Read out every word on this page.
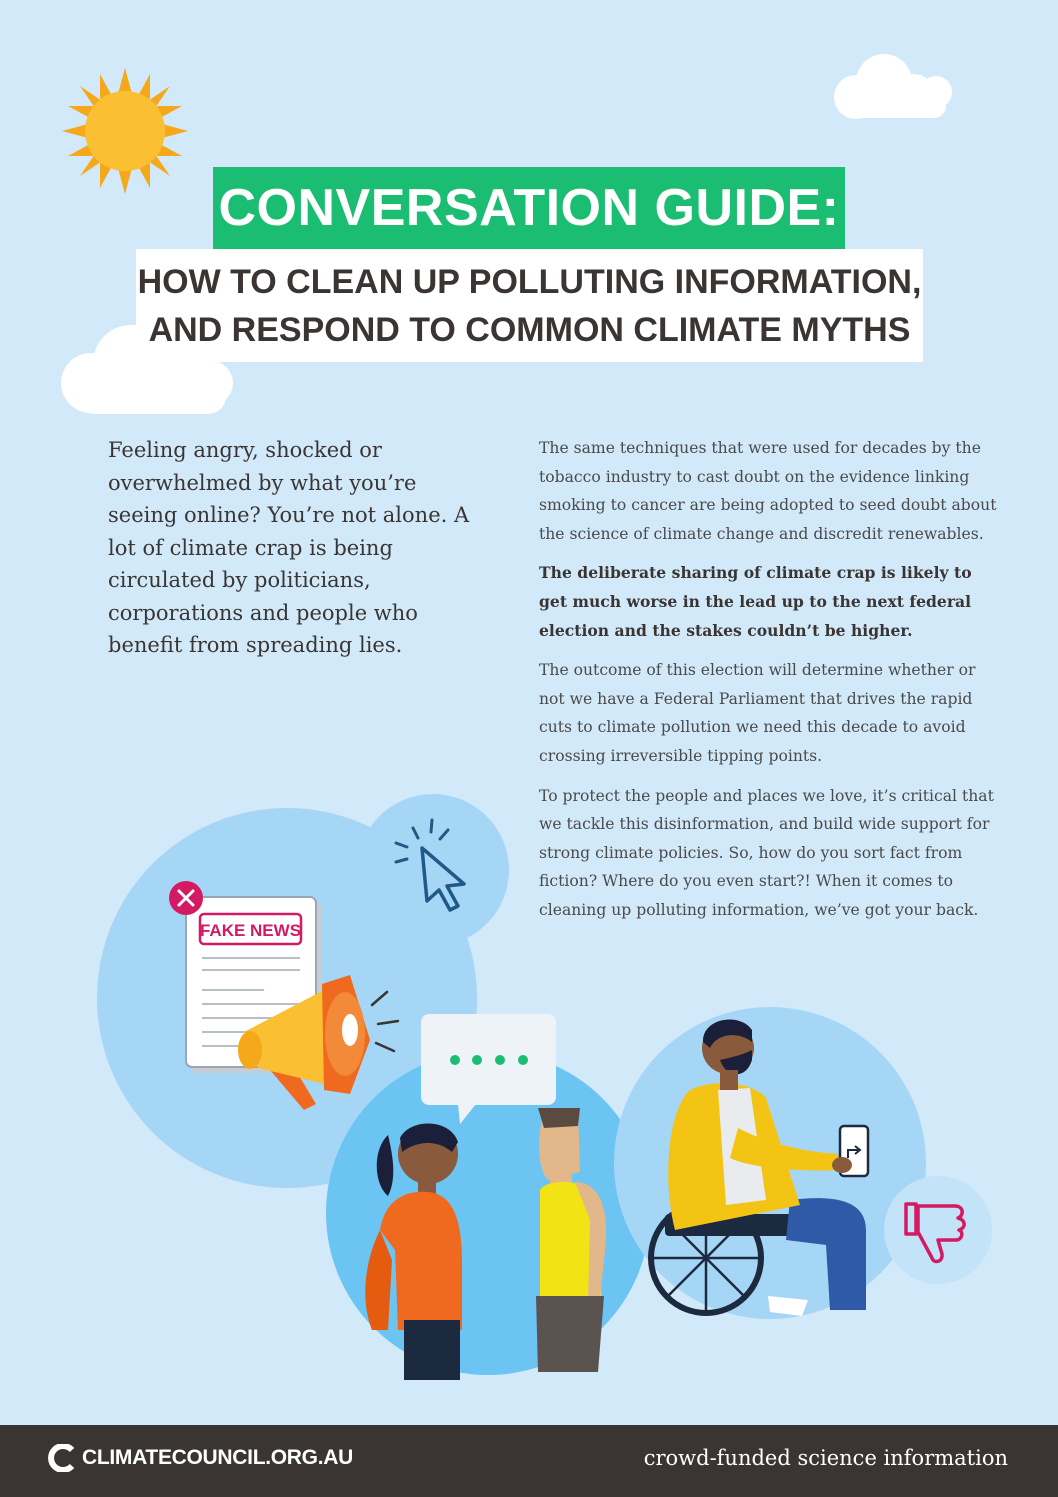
CONVERSATION GUIDE:
HOW TO CLEAN UP POLLUTING INFORMATION,
AND RESPOND TO COMMON CLIMATE MYTHS
Feeling angry, shocked or overwhelmed by what you’re seeing online? You’re not alone. A lot of climate crap is being circulated by politicians, corporations and people who benefit from spreading lies.

The same techniques that were used for decades by the tobacco industry to cast doubt on the evidence linking smoking to cancer are being adopted to seed doubt about the science of climate change and discredit renewables.

The deliberate sharing of climate crap is likely to get much worse in the lead up to the next federal election and the stakes couldn’t be higher.

The outcome of this election will determine whether or not we have a Federal Parliament that drives the rapid cuts to climate pollution we need this decade to avoid crossing irreversible tipping points.

To protect the people and places we love, it’s critical that we tackle this disinformation, and build wide support for strong climate policies. So, how do you sort fact from fiction? Where do you even start?! When it comes to cleaning up polluting information, we’ve got your back.

FAKE NEWS
CLIMATECOUNCIL.ORG.AU	crowd-funded science information
